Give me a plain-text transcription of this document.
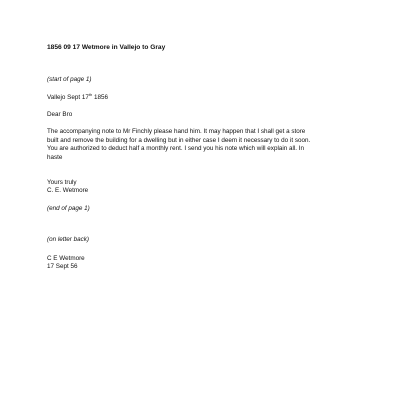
1856 09 17 Wetmore in Vallejo to Gray
(start of page 1)
Vallejo Sept 17th 1856
Dear Bro
The accompanying note to Mr Finchly please hand him. It may happen that I shall get a store
built and remove the building for a dwelling but in either case I deem it necessary to do it soon.
You are authorized to deduct half a monthly rent. I send you his note which will explain all. In
haste
Yours truly
C. E. Wetmore
(end of page 1)
(on letter back)
C E Wetmore
17 Sept 56
